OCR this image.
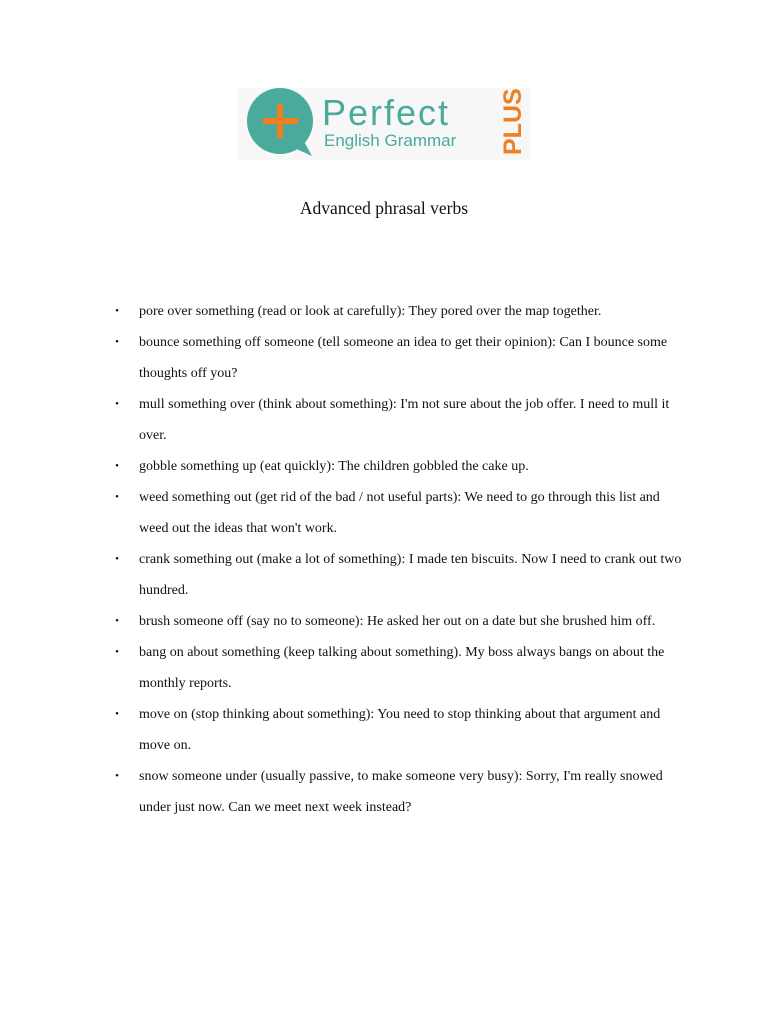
Perfect
English Grammar PLUS
Advanced phrasal verbs
•	pore over something (read or look at carefully): They pored over the map together.
•	bounce something off someone (tell someone an idea to get their opinion): Can I bounce some thoughts off you?
•	mull something over (think about something): I'm not sure about the job offer. I need to mull it over.
•	gobble something up (eat quickly): The children gobbled the cake up.
•	weed something out (get rid of the bad / not useful parts): We need to go through this list and weed out the ideas that won't work.
•	crank something out (make a lot of something): I made ten biscuits. Now I need to crank out two hundred.
•	brush someone off (say no to someone): He asked her out on a date but she brushed him off.
•	bang on about something (keep talking about something). My boss always bangs on about the monthly reports.
•	move on (stop thinking about something): You need to stop thinking about that argument and move on.
•	snow someone under (usually passive, to make someone very busy): Sorry, I'm really snowed under just now. Can we meet next week instead?
